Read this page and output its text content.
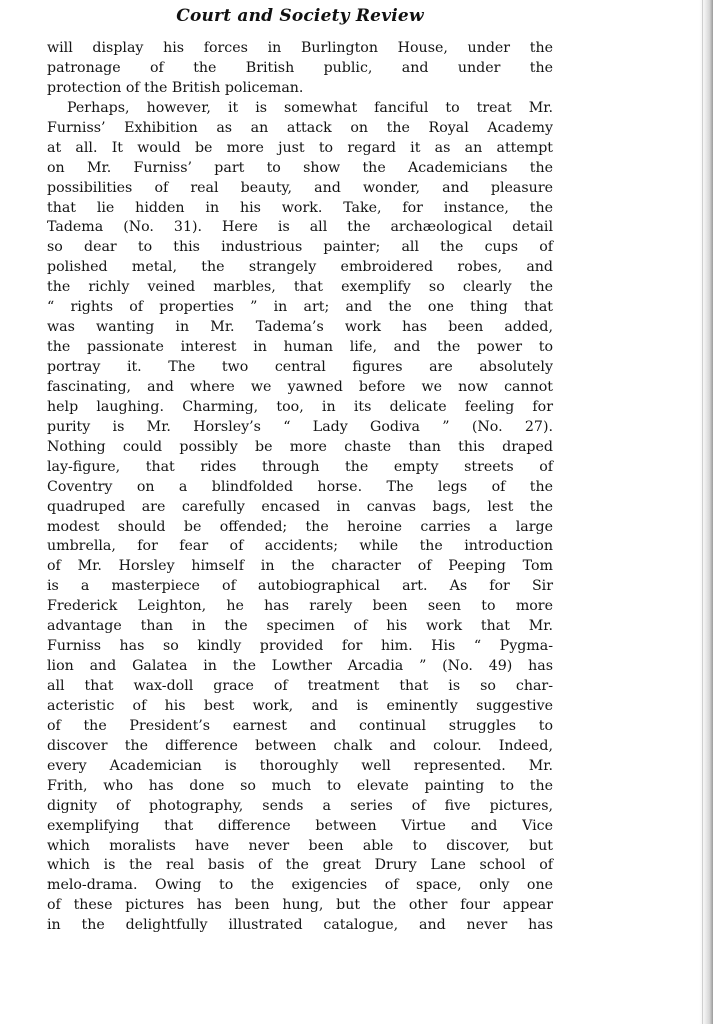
Court and Society Review
will display his forces in Burlington House, under the
patronage of the British public, and under the
protection of the British policeman.
Perhaps, however, it is somewhat fanciful to treat Mr.
Furniss’ Exhibition as an attack on the Royal Academy
at all. It would be more just to regard it as an attempt
on Mr. Furniss’ part to show the Academicians the
possibilities of real beauty, and wonder, and pleasure
that lie hidden in his work. Take, for instance, the
Tadema (No. 31). Here is all the archæological detail
so dear to this industrious painter; all the cups of
polished metal, the strangely embroidered robes, and
the richly veined marbles, that exemplify so clearly the
“ rights of properties ” in art; and the one thing that
was wanting in Mr. Tadema’s work has been added,
the passionate interest in human life, and the power to
portray it. The two central figures are absolutely
fascinating, and where we yawned before we now cannot
help laughing. Charming, too, in its delicate feeling for
purity is Mr. Horsley’s “ Lady Godiva ” (No. 27).
Nothing could possibly be more chaste than this draped
lay-figure, that rides through the empty streets of
Coventry on a blindfolded horse. The legs of the
quadruped are carefully encased in canvas bags, lest the
modest should be offended; the heroine carries a large
umbrella, for fear of accidents; while the introduction
of Mr. Horsley himself in the character of Peeping Tom
is a masterpiece of autobiographical art. As for Sir
Frederick Leighton, he has rarely been seen to more
advantage than in the specimen of his work that Mr.
Furniss has so kindly provided for him. His “ Pygma-
lion and Galatea in the Lowther Arcadia ” (No. 49) has
all that wax-doll grace of treatment that is so char-
acteristic of his best work, and is eminently suggestive
of the President’s earnest and continual struggles to
discover the difference between chalk and colour. Indeed,
every Academician is thoroughly well represented. Mr.
Frith, who has done so much to elevate painting to the
dignity of photography, sends a series of five pictures,
exemplifying that difference between Virtue and Vice
which moralists have never been able to discover, but
which is the real basis of the great Drury Lane school of
melo-drama. Owing to the exigencies of space, only one
of these pictures has been hung, but the other four appear
in the delightfully illustrated catalogue, and never has
